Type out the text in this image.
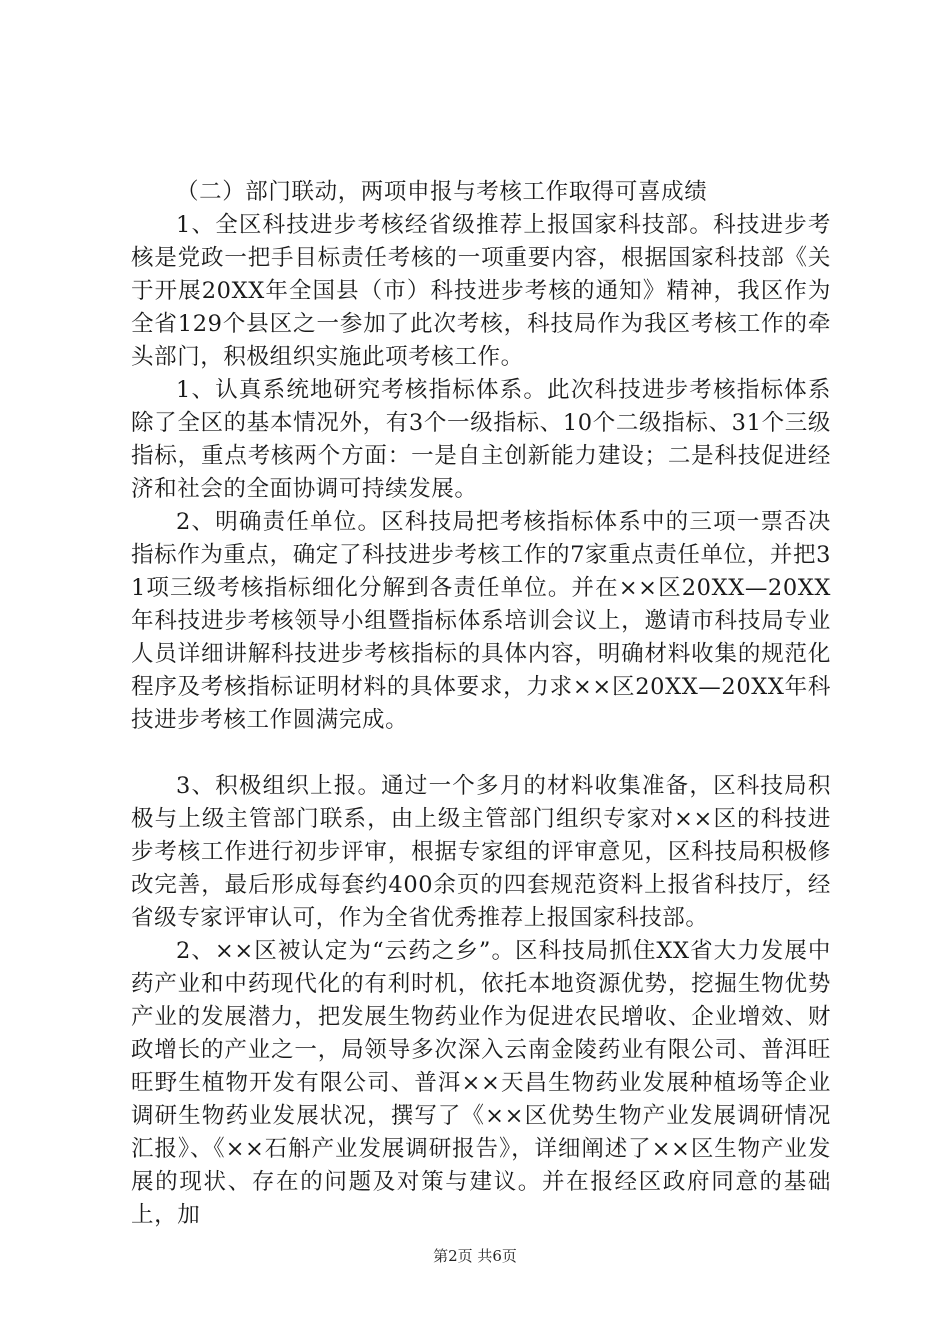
（二）部门联动，两项申报与考核工作取得可喜成绩

1、全区科技进步考核经省级推荐上报国家科技部。科技进步考核是党政一把手目标责任考核的一项重要内容，根据国家科技部《关于开展20XX年全国县（市）科技进步考核的通知》精神，我区作为全省129个县区之一参加了此次考核，科技局作为我区考核工作的牵头部门，积极组织实施此项考核工作。

1、认真系统地研究考核指标体系。此次科技进步考核指标体系除了全区的基本情况外，有3个一级指标、10个二级指标、31个三级指标，重点考核两个方面：一是自主创新能力建设；二是科技促进经济和社会的全面协调可持续发展。

2、明确责任单位。区科技局把考核指标体系中的三项一票否决指标作为重点，确定了科技进步考核工作的7家重点责任单位，并把31项三级考核指标细化分解到各责任单位。并在××区20XX—20XX年科技进步考核领导小组暨指标体系培训会议上，邀请市科技局专业人员详细讲解科技进步考核指标的具体内容，明确材料收集的规范化程序及考核指标证明材料的具体要求，力求××区20XX—20XX年科技进步考核工作圆满完成。

3、积极组织上报。通过一个多月的材料收集准备，区科技局积极与上级主管部门联系，由上级主管部门组织专家对××区的科技进步考核工作进行初步评审，根据专家组的评审意见，区科技局积极修改完善，最后形成每套约400余页的四套规范资料上报省科技厅，经省级专家评审认可，作为全省优秀推荐上报国家科技部。

2、××区被认定为“云药之乡”。区科技局抓住XX省大力发展中药产业和中药现代化的有利时机，依托本地资源优势，挖掘生物优势产业的发展潜力，把发展生物药业作为促进农民增收、企业增效、财政增长的产业之一，局领导多次深入云南金陵药业有限公司、普洱旺旺野生植物开发有限公司、普洱××天昌生物药业发展种植场等企业调研生物药业发展状况，撰写了《××区优势生物产业发展调研情况汇报》、《××石斛产业发展调研报告》，详细阐述了××区生物产业发展的现状、存在的问题及对策与建议。并在报经区政府同意的基础上，加

第2页 共6页
